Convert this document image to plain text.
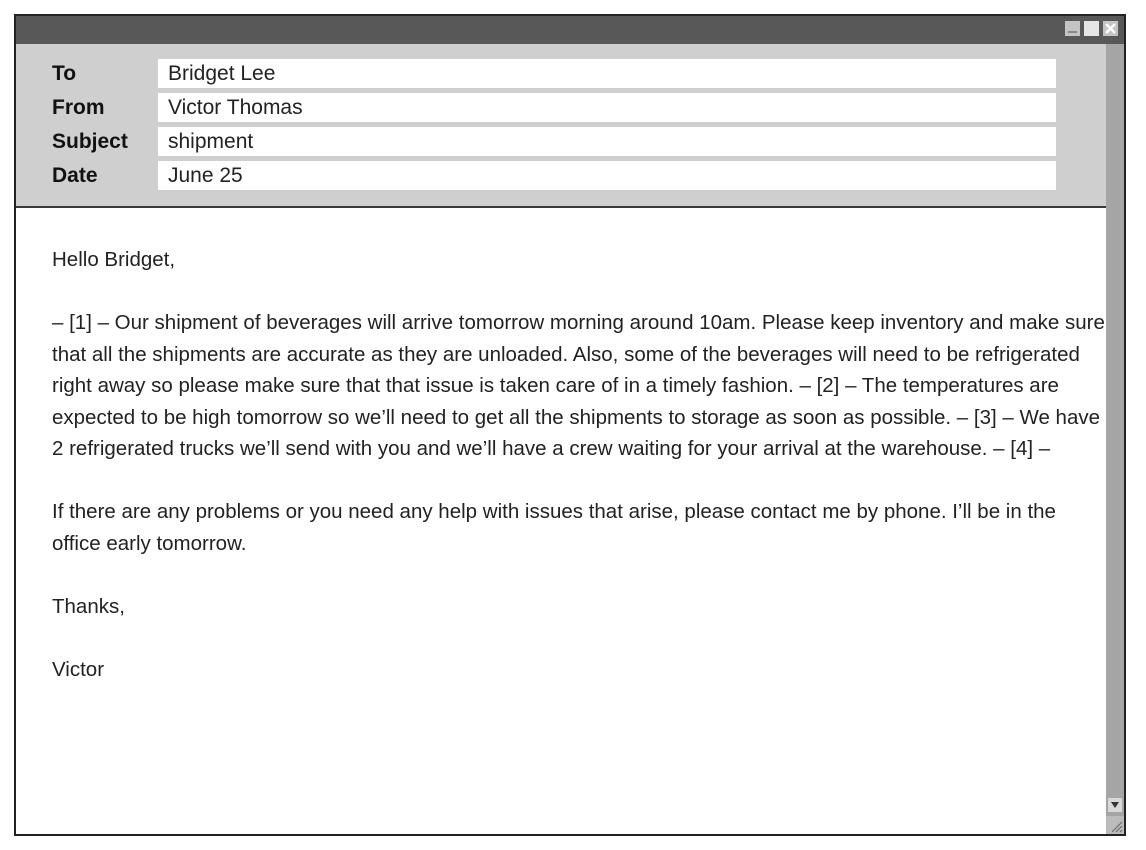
To	Bridget Lee
From	Victor Thomas
Subject	shipment
Date	June 25

Hello Bridget,

– [1] – Our shipment of beverages will arrive tomorrow morning around 10am. Please keep inventory and make sure that all the shipments are accurate as they are unloaded. Also, some of the beverages will need to be refrigerated right away so please make sure that that issue is taken care of in a timely fashion. – [2] – The temperatures are expected to be high tomorrow so we’ll need to get all the shipments to storage as soon as possible. – [3] – We have 2 refrigerated trucks we’ll send with you and we’ll have a crew waiting for your arrival at the warehouse. – [4] –

If there are any problems or you need any help with issues that arise, please contact me by phone. I’ll be in the office early tomorrow.

Thanks,

Victor
